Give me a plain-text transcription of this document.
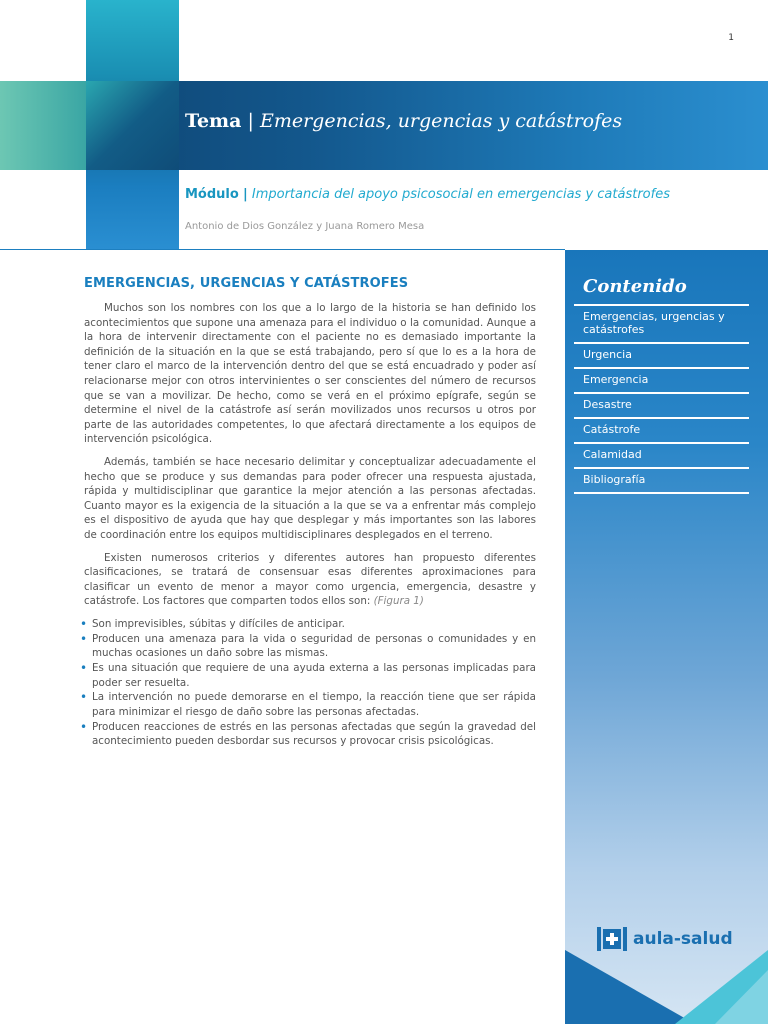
1
Tema | Emergencias, urgencias y catástrofes
Módulo | Importancia del apoyo psicosocial en emergencias y catástrofes
Antonio de Dios González y Juana Romero Mesa
EMERGENCIAS, URGENCIAS Y CATÁSTROFES

Muchos son los nombres con los que a lo largo de la historia se han definido los acontecimientos que supone una amenaza para el individuo o la comunidad. Aunque a la hora de intervenir directamente con el paciente no es demasiado importante la definición de la situación en la que se está trabajando, pero sí que lo es a la hora de tener claro el marco de la intervención dentro del que se está encuadrado y poder así relacionarse mejor con otros intervinientes o ser conscientes del número de recursos que se van a movilizar. De hecho, como se verá en el próximo epígrafe, según se determine el nivel de la catástrofe así serán movilizados unos recursos u otros por parte de las autoridades competentes, lo que afectará directamente a los equipos de intervención psicológica.

Además, también se hace necesario delimitar y conceptualizar adecuadamente el hecho que se produce y sus demandas para poder ofrecer una respuesta ajustada, rápida y multidisciplinar que garantice la mejor atención a las personas afectadas. Cuanto mayor es la exigencia de la situación a la que se va a enfrentar más complejo es el dispositivo de ayuda que hay que desplegar y más importantes son las labores de coordinación entre los equipos multidisciplinares desplegados en el terreno.

Existen numerosos criterios y diferentes autores han propuesto diferentes clasificaciones, se tratará de consensuar esas diferentes aproximaciones para clasificar un evento de menor a mayor como urgencia, emergencia, desastre y catástrofe. Los factores que comparten todos ellos son: (Figura 1)

• Son imprevisibles, súbitas y difíciles de anticipar.
• Producen una amenaza para la vida o seguridad de personas o comunidades y en muchas ocasiones un daño sobre las mismas.
• Es una situación que requiere de una ayuda externa a las personas implicadas para poder ser resuelta.
• La intervención no puede demorarse en el tiempo, la reacción tiene que ser rápida para minimizar el riesgo de daño sobre las personas afectadas.
• Producen reacciones de estrés en las personas afectadas que según la gravedad del acontecimiento pueden desbordar sus recursos y provocar crisis psicológicas.
Contenido
Emergencias, urgencias y catástrofes
Urgencia
Emergencia
Desastre
Catástrofe
Calamidad
Bibliografía
aula-salud
